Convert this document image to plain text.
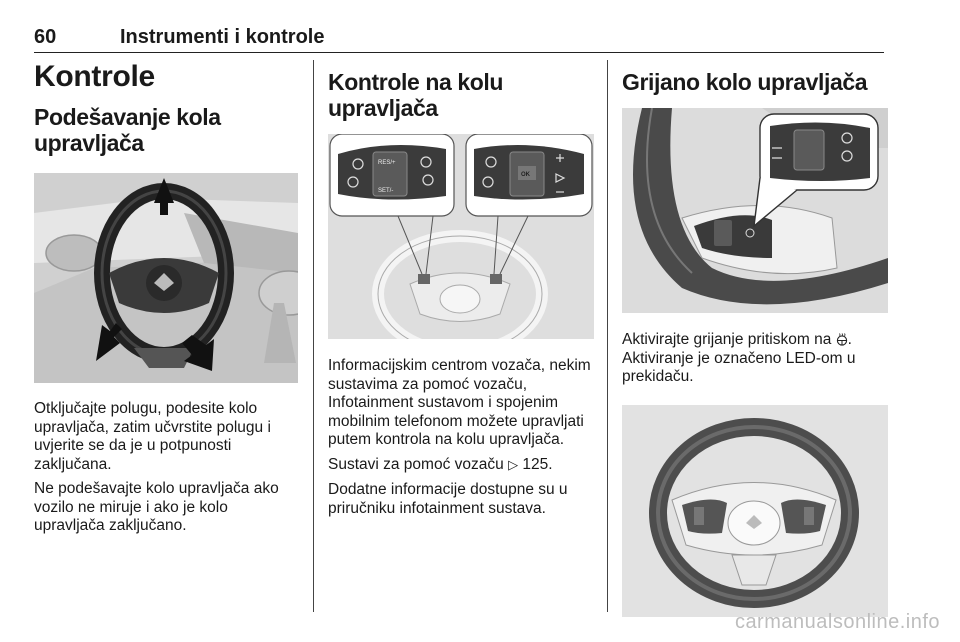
60	Instrumenti i kontrole
Kontrole
Podešavanje kola upravljača

Otključajte polugu, podesite kolo upravljača, zatim učvrstite polugu i uvjerite se da je u potpunosti zaključana.

Ne podešavajte kolo upravljača ako vozilo ne miruje i ako je kolo upravljača zaključano.

Kontrole na kolu upravljača
RES/+
SET/-
OK

Informacijskim centrom vozača, nekim sustavima za pomoć vozaču, Infotainment sustavom i spojenim mobilnim telefonom možete upravljati putem kontrola na kolu upravljača.

Sustavi za pomoć vozaču ▷ 125.

Dodatne informacije dostupne su u priručniku infotainment sustava.

Grijano kolo upravljača

Aktivirajte grijanje pritiskom na . Aktiviranje je označeno LED-om u prekidaču.

carmanualsonline.info
